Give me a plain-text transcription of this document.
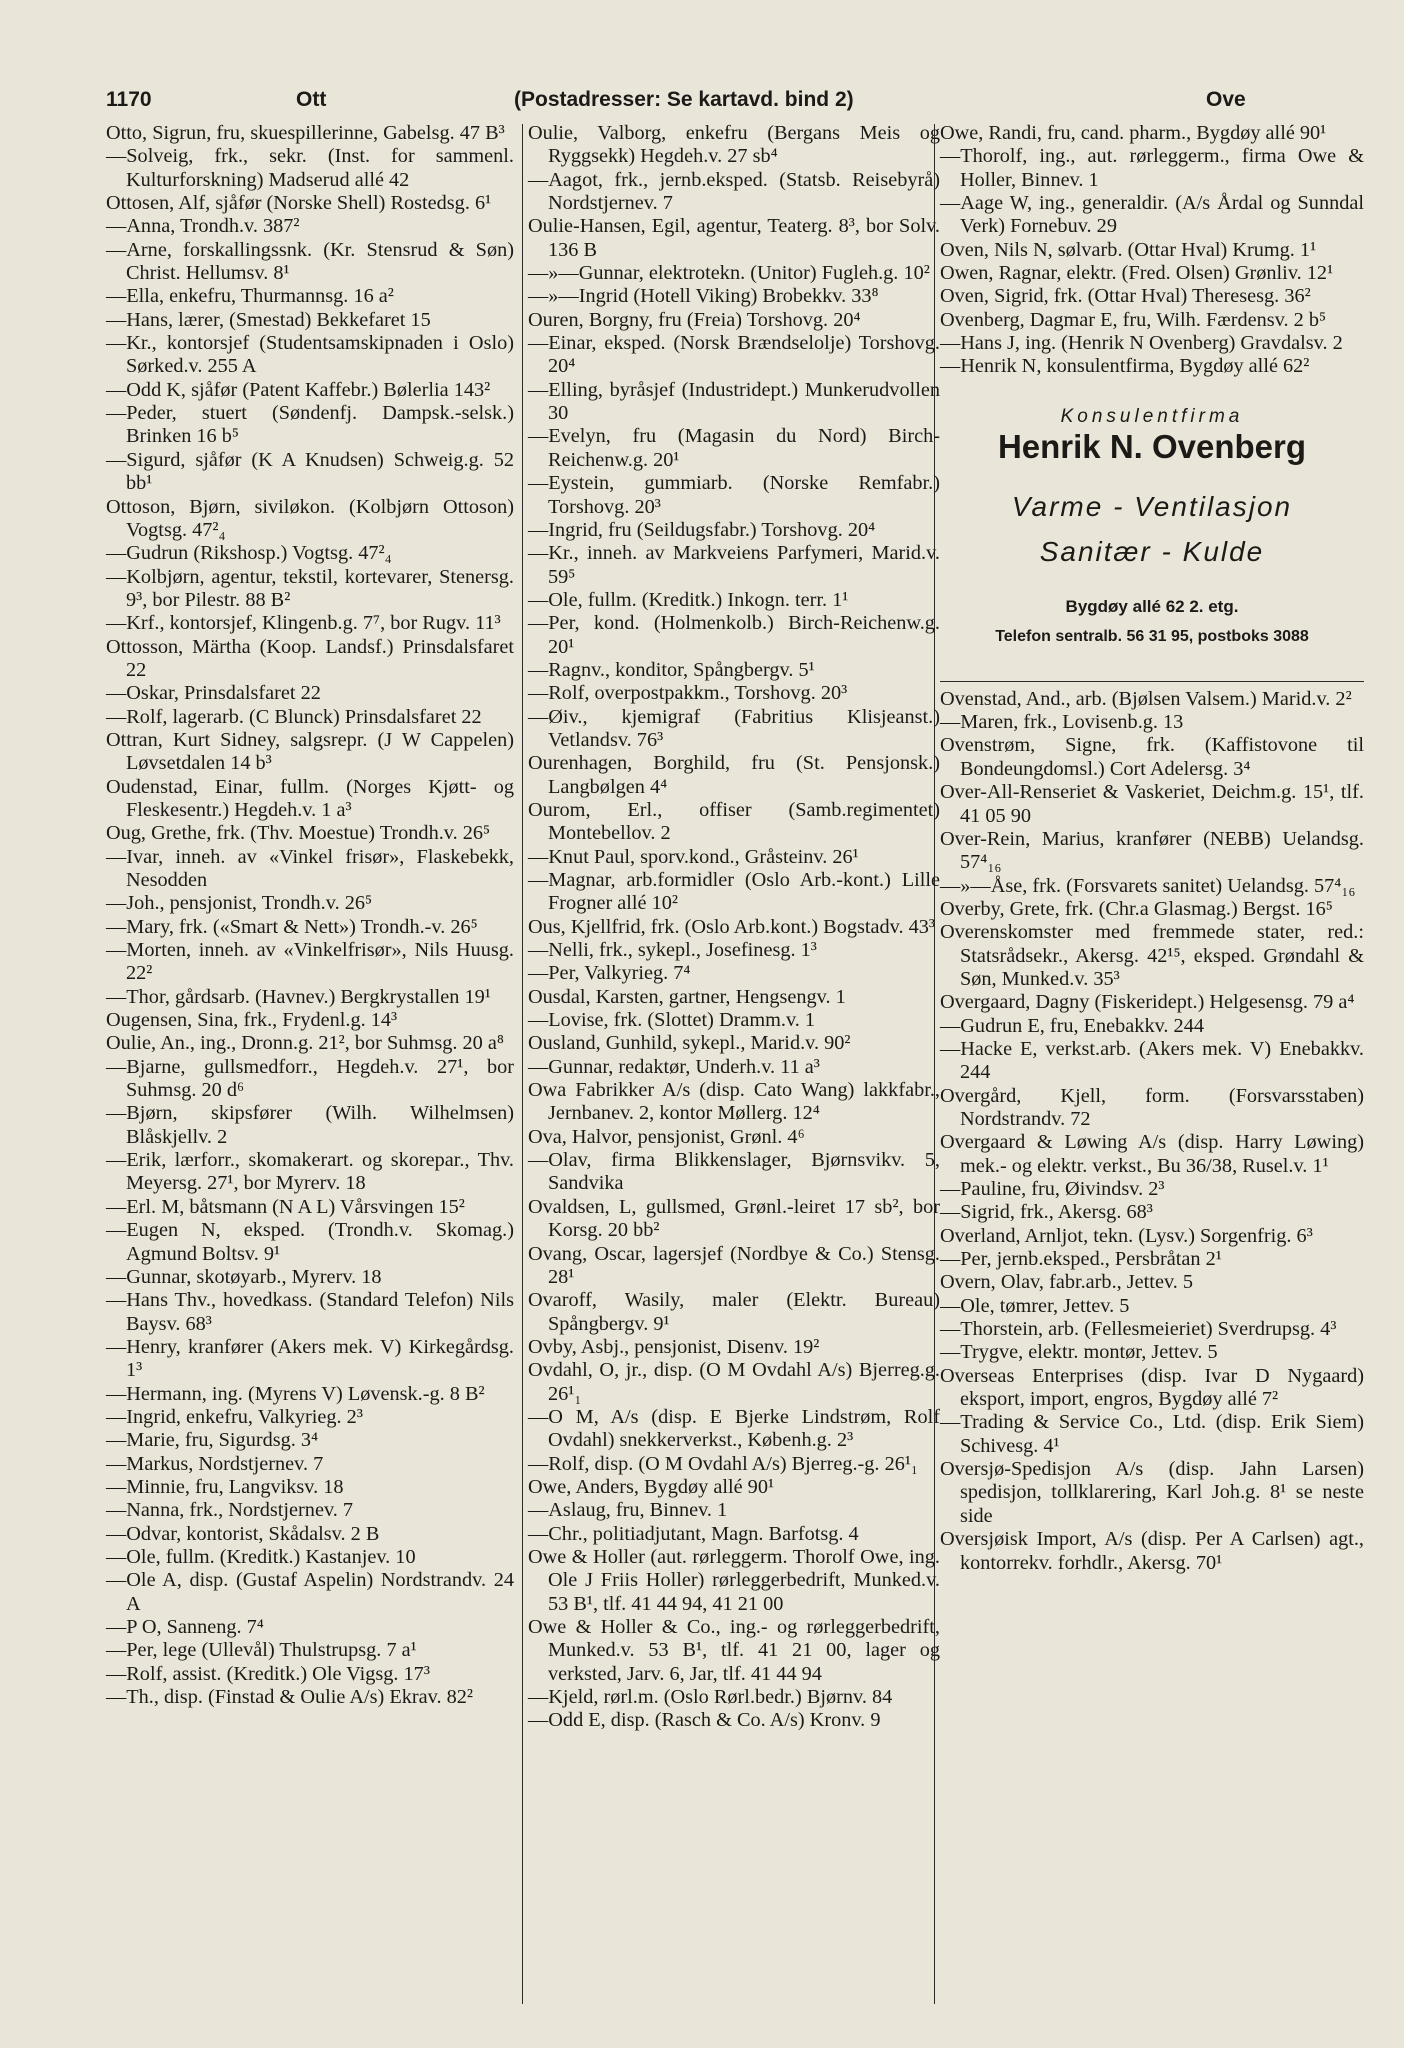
1170	Ott	(Postadresser: Se kartavd. bind 2)	Ove

Otto, Sigrun, fru, skuespillerinne, Gabelsg. 47 B³

—Solveig, frk., sekr. (Inst. for sammenl. Kulturforskning) Madserud allé 42

Ottosen, Alf, sjåfør (Norske Shell) Rostedsg. 6¹

—Anna, Trondh.v. 387²

—Arne, forskallingssnk. (Kr. Stensrud & Søn) Christ. Hellumsv. 8¹

—Ella, enkefru, Thurmannsg. 16 a²

—Hans, lærer, (Smestad) Bekkefaret 15

—Kr., kontorsjef (Studentsamskipnaden i Oslo) Sørked.v. 255 A

—Odd K, sjåfør (Patent Kaffebr.) Bølerlia 143²

—Peder, stuert (Søndenfj. Dampsk.-selsk.) Brinken 16 b⁵

—Sigurd, sjåfør (K A Knudsen) Schweig.g. 52 bb¹

Ottoson, Bjørn, siviløkon. (Kolbjørn Ottoson) Vogtsg. 47²₄

—Gudrun (Rikshosp.) Vogtsg. 47²₄

—Kolbjørn, agentur, tekstil, kortevarer, Stenersg. 9³, bor Pilestr. 88 B²

—Krf., kontorsjef, Klingenb.g. 7⁷, bor Rugv. 11³

Ottosson, Märtha (Koop. Landsf.) Prinsdalsfaret 22

—Oskar, Prinsdalsfaret 22

—Rolf, lagerarb. (C Blunck) Prinsdalsfaret 22

Ottran, Kurt Sidney, salgsrepr. (J W Cappelen) Løvsetdalen 14 b³

Oudenstad, Einar, fullm. (Norges Kjøtt- og Fleskesentr.) Hegdeh.v. 1 a³

Oug, Grethe, frk. (Thv. Moestue) Trondh.v. 26⁵

—Ivar, inneh. av «Vinkel frisør», Flaskebekk, Nesodden

—Joh., pensjonist, Trondh.v. 26⁵

—Mary, frk. («Smart & Nett») Trondh.-v. 26⁵

—Morten, inneh. av «Vinkelfrisør», Nils Huusg. 22²

—Thor, gårdsarb. (Havnev.) Bergkrystallen 19¹

Ougensen, Sina, frk., Frydenl.g. 14³

Oulie, An., ing., Dronn.g. 21², bor Suhmsg. 20 a⁸

—Bjarne, gullsmedforr., Hegdeh.v. 27¹, bor Suhmsg. 20 d⁶

—Bjørn, skipsfører (Wilh. Wilhelmsen) Blåskjellv. 2

—Erik, lærforr., skomakerart. og skorepar., Thv. Meyersg. 27¹, bor Myrerv. 18

—Erl. M, båtsmann (N A L) Vårsvingen 15²

—Eugen N, eksped. (Trondh.v. Skomag.) Agmund Boltsv. 9¹

—Gunnar, skotøyarb., Myrerv. 18

—Hans Thv., hovedkass. (Standard Telefon) Nils Baysv. 68³

—Henry, kranfører (Akers mek. V) Kirkegårdsg. 1³

—Hermann, ing. (Myrens V) Løvensk.-g. 8 B²

—Ingrid, enkefru, Valkyrieg. 2³

—Marie, fru, Sigurdsg. 3⁴

—Markus, Nordstjernev. 7

—Minnie, fru, Langviksv. 18

—Nanna, frk., Nordstjernev. 7

—Odvar, kontorist, Skådalsv. 2 B

—Ole, fullm. (Kreditk.) Kastanjev. 10

—Ole A, disp. (Gustaf Aspelin) Nordstrandv. 24 A

—P O, Sanneng. 7⁴

—Per, lege (Ullevål) Thulstrupsg. 7 a¹

—Rolf, assist. (Kreditk.) Ole Vigsg. 17³

—Th., disp. (Finstad & Oulie A/s) Ekrav. 82²

Oulie, Valborg, enkefru (Bergans Meis og Ryggsekk) Hegdeh.v. 27 sb⁴

—Aagot, frk., jernb.eksped. (Statsb. Reisebyrå) Nordstjernev. 7

Oulie-Hansen, Egil, agentur, Teaterg. 8³, bor Solv. 136 B

—»—Gunnar, elektrotekn. (Unitor) Fugleh.g. 10²

—»—Ingrid (Hotell Viking) Brobekkv. 33⁸

Ouren, Borgny, fru (Freia) Torshovg. 20⁴

—Einar, eksped. (Norsk Brændselolje) Torshovg. 20⁴

—Elling, byråsjef (Industridept.) Munkerudvollen 30

—Evelyn, fru (Magasin du Nord) Birch-Reichenw.g. 20¹

—Eystein, gummiarb. (Norske Remfabr.) Torshovg. 20³

—Ingrid, fru (Seildugsfabr.) Torshovg. 20⁴

—Kr., inneh. av Markveiens Parfymeri, Marid.v. 59⁵

—Ole, fullm. (Kreditk.) Inkogn. terr. 1¹

—Per, kond. (Holmenkolb.) Birch-Reichenw.g. 20¹

—Ragnv., konditor, Spångbergv. 5¹

—Rolf, overpostpakkm., Torshovg. 20³

—Øiv., kjemigraf (Fabritius Klisjeanst.) Vetlandsv. 76³

Ourenhagen, Borghild, fru (St. Pensjonsk.) Langbølgen 4⁴

Ourom, Erl., offiser (Samb.regimentet) Montebellov. 2

—Knut Paul, sporv.kond., Gråsteinv. 26¹

—Magnar, arb.formidler (Oslo Arb.-kont.) Lille Frogner allé 10²

Ous, Kjellfrid, frk. (Oslo Arb.kont.) Bogstadv. 43³

—Nelli, frk., sykepl., Josefinesg. 1³

—Per, Valkyrieg. 7⁴

Ousdal, Karsten, gartner, Hengsengv. 1

—Lovise, frk. (Slottet) Dramm.v. 1

Ousland, Gunhild, sykepl., Marid.v. 90²

—Gunnar, redaktør, Underh.v. 11 a³

Owa Fabrikker A/s (disp. Cato Wang) lakkfabr., Jernbanev. 2, kontor Møllerg. 12⁴

Ova, Halvor, pensjonist, Grønl. 4⁶

—Olav, firma Blikkenslager, Bjørnsvikv. 5, Sandvika

Ovaldsen, L, gullsmed, Grønl.-leiret 17 sb², bor Korsg. 20 bb²

Ovang, Oscar, lagersjef (Nordbye & Co.) Stensg. 28¹

Ovaroff, Wasily, maler (Elektr. Bureau) Spångbergv. 9¹

Ovby, Asbj., pensjonist, Disenv. 19²

Ovdahl, O, jr., disp. (O M Ovdahl A/s) Bjerreg.g. 26¹₁

—O M, A/s (disp. E Bjerke Lindstrøm, Rolf Ovdahl) snekkerverkst., Københ.g. 2³

—Rolf, disp. (O M Ovdahl A/s) Bjerreg.-g. 26¹₁

Owe, Anders, Bygdøy allé 90¹

—Aslaug, fru, Binnev. 1

—Chr., politiadjutant, Magn. Barfotsg. 4

Owe & Holler (aut. rørleggerm. Thorolf Owe, ing. Ole J Friis Holler) rørleggerbedrift, Munked.v. 53 B¹, tlf. 41 44 94, 41 21 00

Owe & Holler & Co., ing.- og rørleggerbedrift, Munked.v. 53 B¹, tlf. 41 21 00, lager og verksted, Jarv. 6, Jar, tlf. 41 44 94

—Kjeld, rørl.m. (Oslo Rørl.bedr.) Bjørnv. 84

—Odd E, disp. (Rasch & Co. A/s) Kronv. 9

Owe, Randi, fru, cand. pharm., Bygdøy allé 90¹

—Thorolf, ing., aut. rørleggerm., firma Owe & Holler, Binnev. 1

—Aage W, ing., generaldir. (A/s Årdal og Sunndal Verk) Fornebuv. 29

Oven, Nils N, sølvarb. (Ottar Hval) Krumg. 1¹

Owen, Ragnar, elektr. (Fred. Olsen) Grønliv. 12¹

Oven, Sigrid, frk. (Ottar Hval) Theresesg. 36²

Ovenberg, Dagmar E, fru, Wilh. Færdensv. 2 b⁵

—Hans J, ing. (Henrik N Ovenberg) Gravdalsv. 2

—Henrik N, konsulentfirma, Bygdøy allé 62²

Konsulentfirma
Henrik N. Ovenberg
Varme - Ventilasjon
Sanitær - Kulde
Bygdøy allé 62 2. etg.
Telefon sentralb. 56 31 95, postboks 3088

Ovenstad, And., arb. (Bjølsen Valsem.) Marid.v. 2²

—Maren, frk., Lovisenb.g. 13

Ovenstrøm, Signe, frk. (Kaffistovone til Bondeungdomsl.) Cort Adelersg. 3⁴

Over-All-Renseriet & Vaskeriet, Deichm.g. 15¹, tlf. 41 05 90

Over-Rein, Marius, kranfører (NEBB) Uelandsg. 57⁴₁₆

—»—Åse, frk. (Forsvarets sanitet) Uelandsg. 57⁴₁₆

Overby, Grete, frk. (Chr.a Glasmag.) Bergst. 16⁵

Overenskomster med fremmede stater, red.: Statsrådsekr., Akersg. 42¹⁵, eksped. Grøndahl & Søn, Munked.v. 35³

Overgaard, Dagny (Fiskeridept.) Helgesensg. 79 a⁴

—Gudrun E, fru, Enebakkv. 244

—Hacke E, verkst.arb. (Akers mek. V) Enebakkv. 244

Overgård, Kjell, form. (Forsvarsstaben) Nordstrandv. 72

Overgaard & Løwing A/s (disp. Harry Løwing) mek.- og elektr. verkst., Bu 36/38, Rusel.v. 1¹

—Pauline, fru, Øivindsv. 2³

—Sigrid, frk., Akersg. 68³

Overland, Arnljot, tekn. (Lysv.) Sorgenfrig. 6³

—Per, jernb.eksped., Persbråtan 2¹

Overn, Olav, fabr.arb., Jettev. 5

—Ole, tømrer, Jettev. 5

—Thorstein, arb. (Fellesmeieriet) Sverdrupsg. 4³

—Trygve, elektr. montør, Jettev. 5

Overseas Enterprises (disp. Ivar D Nygaard) eksport, import, engros, Bygdøy allé 7²

—Trading & Service Co., Ltd. (disp. Erik Siem) Schivesg. 4¹

Oversjø-Spedisjon A/s (disp. Jahn Larsen) spedisjon, tollklarering, Karl Joh.g. 8¹ se neste side

Oversjøisk Import, A/s (disp. Per A Carlsen) agt., kontorrekv. forhdlr., Akersg. 70¹
